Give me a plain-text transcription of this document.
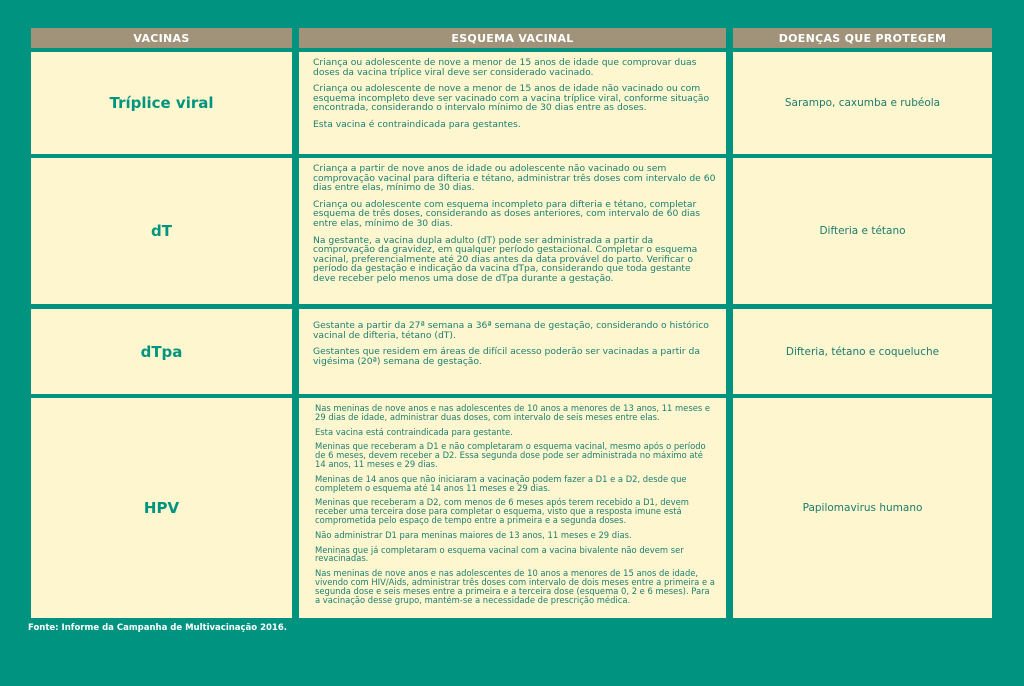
VACINAS	ESQUEMA VACINAL	DOENÇAS QUE PROTEGEM
Tríplice viral

Criança ou adolescente de nove a menor de 15 anos de idade que comprovar duas doses da vacina tríplice viral deve ser considerado vacinado.

Criança ou adolescente de nove a menor de 15 anos de idade não vacinado ou com esquema incompleto deve ser vacinado com a vacina tríplice viral, conforme situação encontrada, considerando o intervalo mínimo de 30 dias entre as doses.

Esta vacina é contraindicada para gestantes.

Sarampo, caxumba e rubéola
dT

Criança a partir de nove anos de idade ou adolescente não vacinado ou sem comprovação vacinal para difteria e tétano, administrar três doses com intervalo de 60 dias entre elas, mínimo de 30 dias.

Criança ou adolescente com esquema incompleto para difteria e tétano, completar esquema de três doses, considerando as doses anteriores, com intervalo de 60 dias entre elas, mínimo de 30 dias.

Na gestante, a vacina dupla adulto (dT) pode ser administrada a partir da comprovação da gravidez, em qualquer período gestacional. Completar o esquema vacinal, preferencialmente até 20 dias antes da data provável do parto. Verificar o período da gestação e indicação da vacina dTpa, considerando que toda gestante deve receber pelo menos uma dose de dTpa durante a gestação.

Difteria e tétano
dTpa

Gestante a partir da 27ª semana a 36ª semana de gestação, considerando o histórico vacinal de difteria, tétano (dT).

Gestantes que residem em áreas de difícil acesso poderão ser vacinadas a partir da vigésima (20ª) semana de gestação.

Difteria, tétano e coqueluche
HPV

Nas meninas de nove anos e nas adolescentes de 10 anos a menores de 13 anos, 11 meses e 29 dias de idade, administrar duas doses, com intervalo de seis meses entre elas.

Esta vacina está contraindicada para gestante.

Meninas que receberam a D1 e não completaram o esquema vacinal, mesmo após o período de 6 meses, devem receber a D2. Essa segunda dose pode ser administrada no máximo até 14 anos, 11 meses e 29 dias.

Meninas de 14 anos que não iniciaram a vacinação podem fazer a D1 e a D2, desde que completem o esquema até 14 anos 11 meses e 29 dias.

Meninas que receberam a D2, com menos de 6 meses após terem recebido a D1, devem receber uma terceira dose para completar o esquema, visto que a resposta imune está comprometida pelo espaço de tempo entre a primeira e a segunda doses.

Não administrar D1 para meninas maiores de 13 anos, 11 meses e 29 dias.

Meninas que já completaram o esquema vacinal com a vacina bivalente não devem ser revacinadas.

Nas meninas de nove anos e nas adolescentes de 10 anos a menores de 15 anos de idade, vivendo com HIV/Aids, administrar três doses com intervalo de dois meses entre a primeira e a segunda dose e seis meses entre a primeira e a terceira dose (esquema 0, 2 e 6 meses). Para a vacinação desse grupo, mantém-se a necessidade de prescrição médica.

Papilomavirus humano
Fonte: Informe da Campanha de Multivacinação 2016.
